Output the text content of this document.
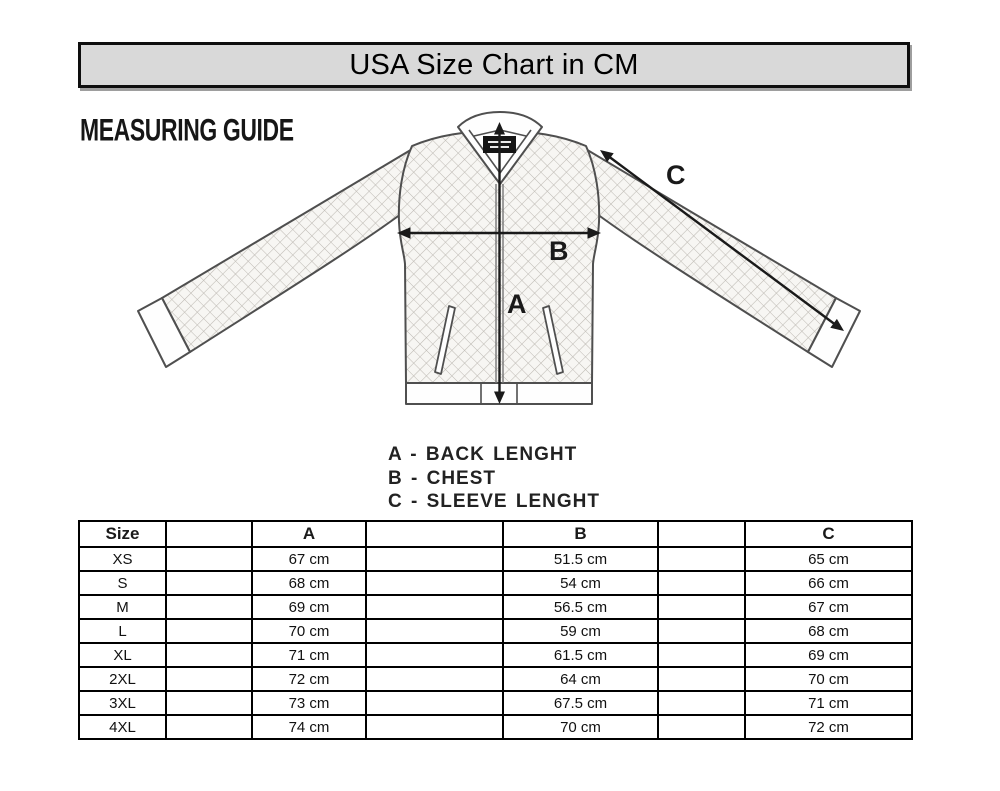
USA Size Chart in CM
MEASURING GUIDE
A
B
C
A - BACK LENGHT
B - CHEST
C - SLEEVE LENGHT
Size		A		B		C
XS		67 cm		51.5 cm		65 cm
S		68 cm		54 cm		66 cm
M		69 cm		56.5 cm		67 cm
L		70 cm		59 cm		68 cm
XL		71 cm		61.5 cm		69 cm
2XL		72 cm		64 cm		70 cm
3XL		73 cm		67.5 cm		71 cm
4XL		74 cm		70 cm		72 cm
